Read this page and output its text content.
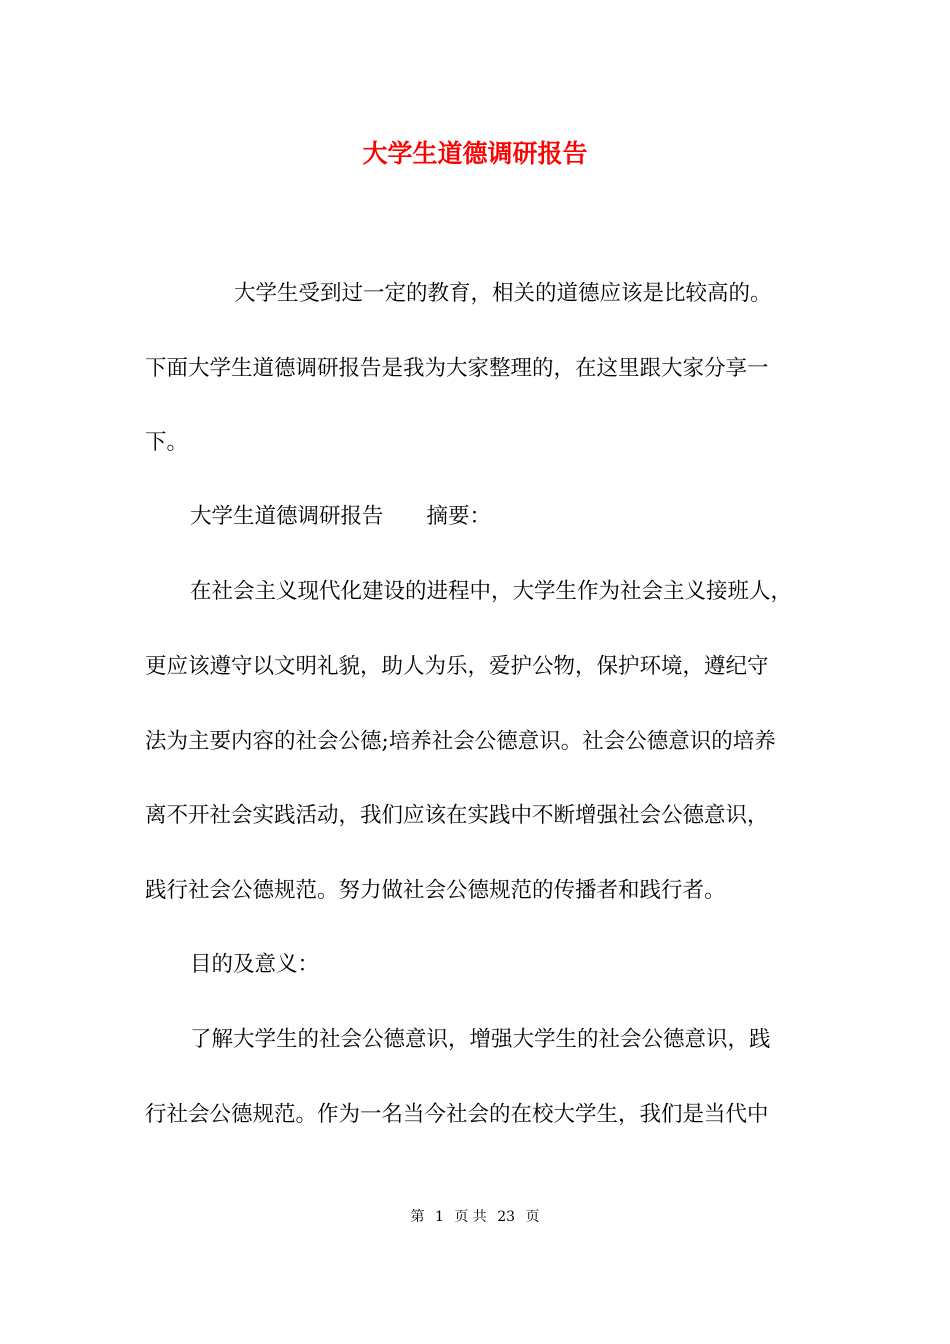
大学生道德调研报告
大学生受到过一定的教育，相关的道德应该是比较高的。
下面大学生道德调研报告是我为大家整理的，在这里跟大家分享一
下。
大学生道德调研报告　　摘要：
在社会主义现代化建设的进程中，大学生作为社会主义接班人，
更应该遵守以文明礼貌，助人为乐，爱护公物，保护环境，遵纪守
法为主要内容的社会公德;培养社会公德意识。社会公德意识的培养
离不开社会实践活动，我们应该在实践中不断增强社会公德意识，
践行社会公德规范。努力做社会公德规范的传播者和践行者。
目的及意义：
了解大学生的社会公德意识，增强大学生的社会公德意识，践
行社会公德规范。作为一名当今社会的在校大学生，我们是当代中
第 1 页 共 23 页
